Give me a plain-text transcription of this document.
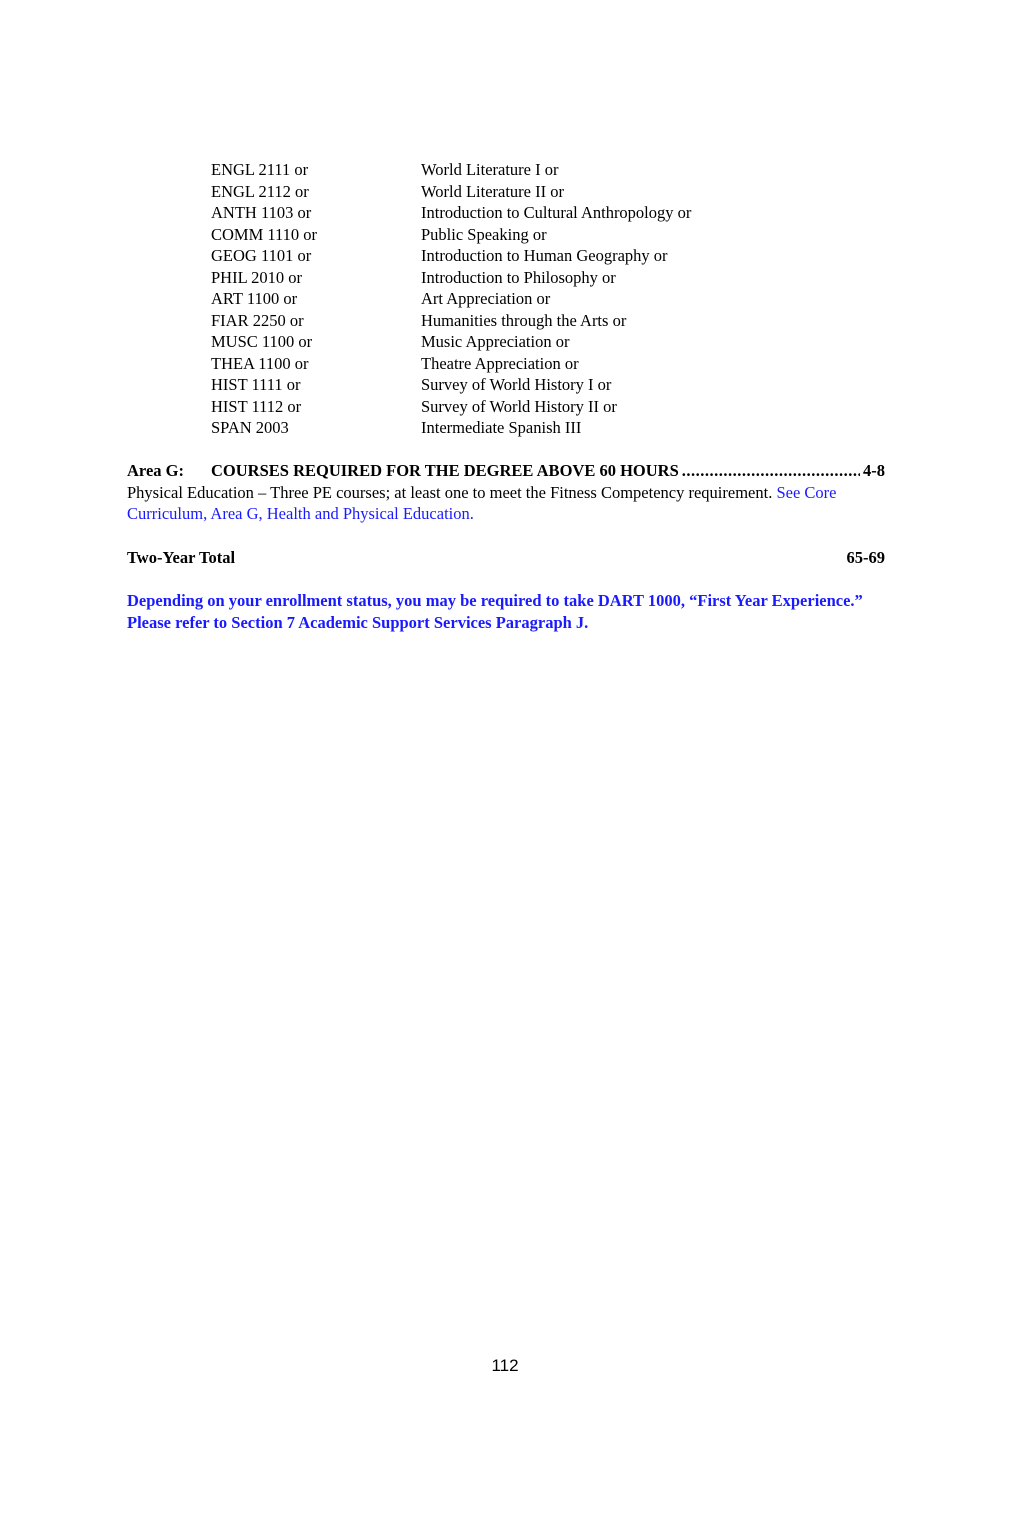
ENGL 2111 or	World Literature I or
ENGL 2112 or	World Literature II or
ANTH 1103 or	Introduction to Cultural Anthropology or
COMM 1110 or	Public Speaking or
GEOG 1101 or	Introduction to Human Geography or
PHIL 2010 or	Introduction to Philosophy or
ART 1100 or	Art Appreciation or
FIAR 2250 or	Humanities through the Arts or
MUSC 1100 or	Music Appreciation or
THEA 1100 or	Theatre Appreciation or
HIST 1111 or	Survey of World History I or
HIST 1112 or	Survey of World History II or
SPAN 2003	Intermediate Spanish III
Area G:	COURSES REQUIRED FOR THE DEGREE ABOVE 60 HOURS
.....	4-8
Physical Education – Three PE courses; at least one to meet the Fitness Competency requirement. See Core Curriculum, Area G, Health and Physical Education.
Two-Year Total	65-69
Depending on your enrollment status, you may be required to take DART 1000, “First Year Experience.” Please refer to Section 7 Academic Support Services Paragraph J.
112
